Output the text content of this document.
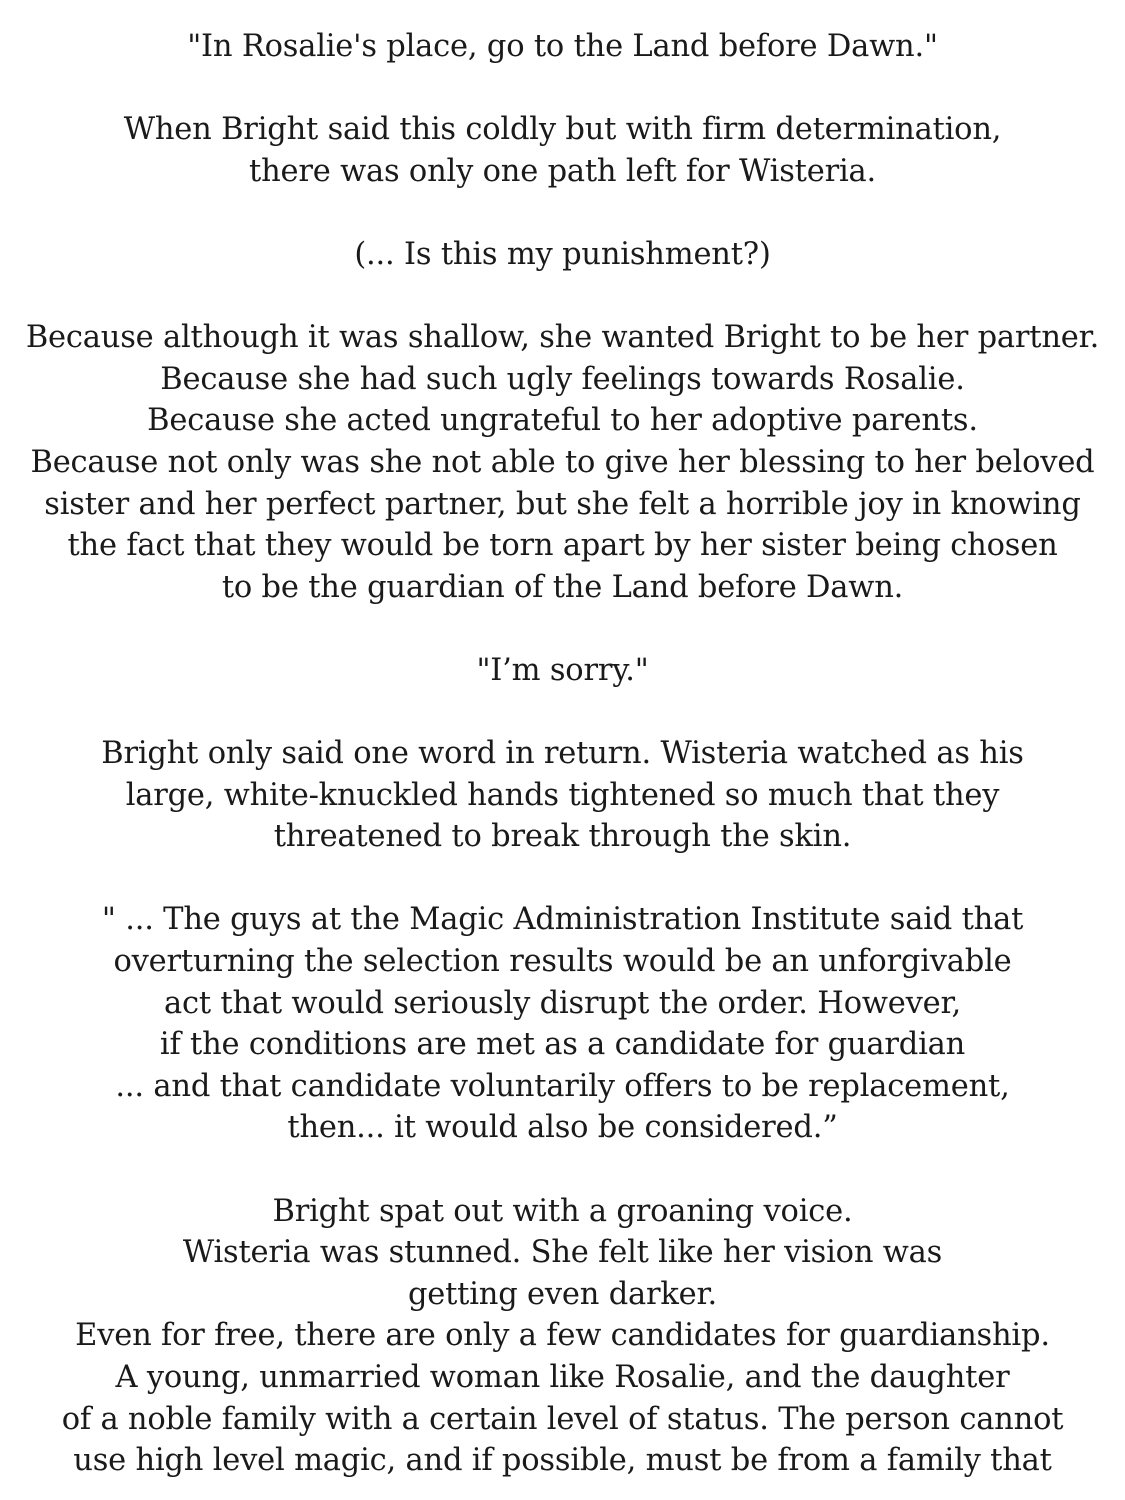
"In Rosalie's place, go to the Land before Dawn."

When Bright said this coldly but with firm determination,
there was only one path left for Wisteria.

(... Is this my punishment?)

Because although it was shallow, she wanted Bright to be her partner.
Because she had such ugly feelings towards Rosalie.
Because she acted ungrateful to her adoptive parents.
Because not only was she not able to give her blessing to her beloved
sister and her perfect partner, but she felt a horrible joy in knowing
the fact that they would be torn apart by her sister being chosen
to be the guardian of the Land before Dawn.

"I’m sorry."

Bright only said one word in return. Wisteria watched as his
large, white-knuckled hands tightened so much that they
threatened to break through the skin.

" ... The guys at the Magic Administration Institute said that
overturning the selection results would be an unforgivable
act that would seriously disrupt the order. However,
if the conditions are met as a candidate for guardian
... and that candidate voluntarily offers to be replacement,
then... it would also be considered.”

Bright spat out with a groaning voice.
Wisteria was stunned. She felt like her vision was
getting even darker.
Even for free, there are only a few candidates for guardianship.
A young, unmarried woman like Rosalie, and the daughter
of a noble family with a certain level of status. The person cannot
use high level magic, and if possible, must be from a family that
